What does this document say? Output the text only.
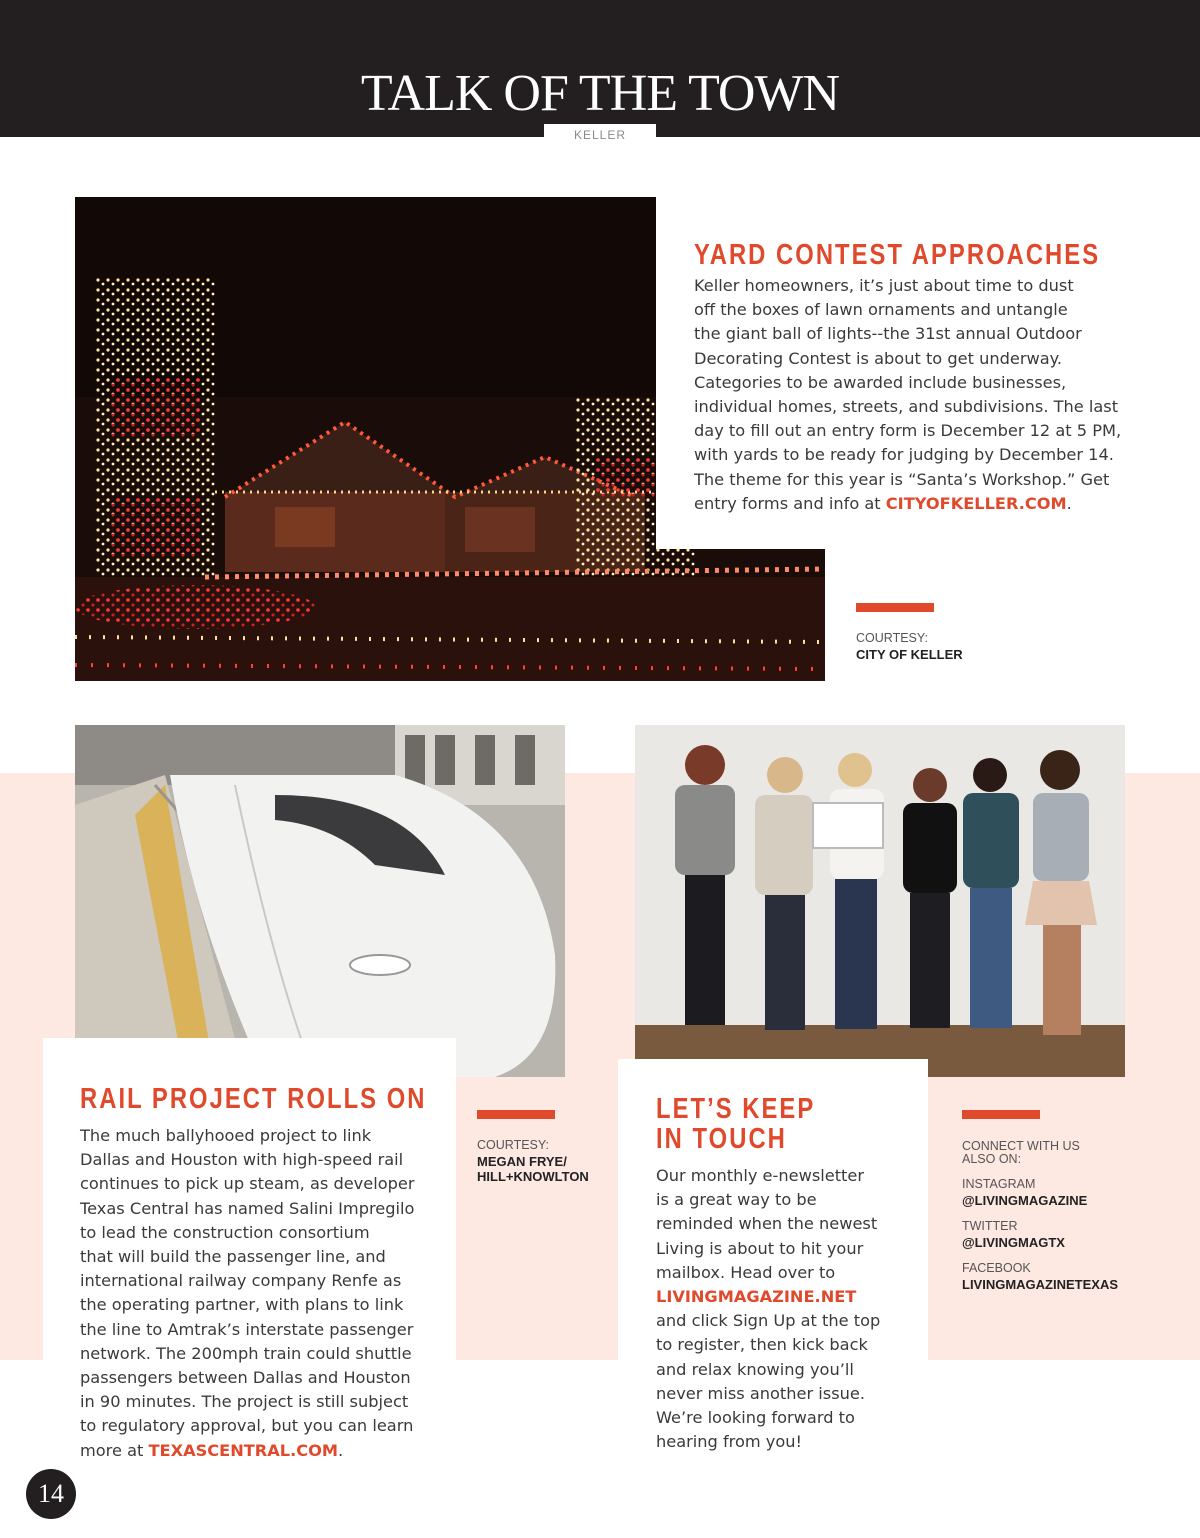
TALK OF THE TOWN
KELLER
YARD CONTEST APPROACHES
Keller homeowners, it’s just about time to dust
off the boxes of lawn ornaments and untangle
the giant ball of lights--the 31st annual Outdoor
Decorating Contest is about to get underway.
Categories to be awarded include businesses,
individual homes, streets, and subdivisions. The last
day to fill out an entry form is December 12 at 5 PM,
with yards to be ready for judging by December 14.
The theme for this year is “Santa’s Workshop.” Get
entry forms and info at CITYOFKELLER.COM.
COURTESY:
CITY OF KELLER
RAIL PROJECT ROLLS ON
The much ballyhooed project to link
Dallas and Houston with high-speed rail
continues to pick up steam, as developer
Texas Central has named Salini Impregilo
to lead the construction consortium
that will build the passenger line, and
international railway company Renfe as
the operating partner, with plans to link
the line to Amtrak’s interstate passenger
network. The 200mph train could shuttle
passengers between Dallas and Houston
in 90 minutes. The project is still subject
to regulatory approval, but you can learn
more at TEXASCENTRAL.COM.
COURTESY:
MEGAN FRYE/
HILL+KNOWLTON
LET’S KEEP
IN TOUCH
Our monthly e-newsletter
is a great way to be
reminded when the newest
Living is about to hit your
mailbox. Head over to
LIVINGMAGAZINE.NET
and click Sign Up at the top
to register, then kick back
and relax knowing you’ll
never miss another issue.
We’re looking forward to
hearing from you!
CONNECT WITH US
ALSO ON:
INSTAGRAM
@LIVINGMAGAZINE
TWITTER
@LIVINGMAGTX
FACEBOOK
LIVINGMAGAZINETEXAS
14
